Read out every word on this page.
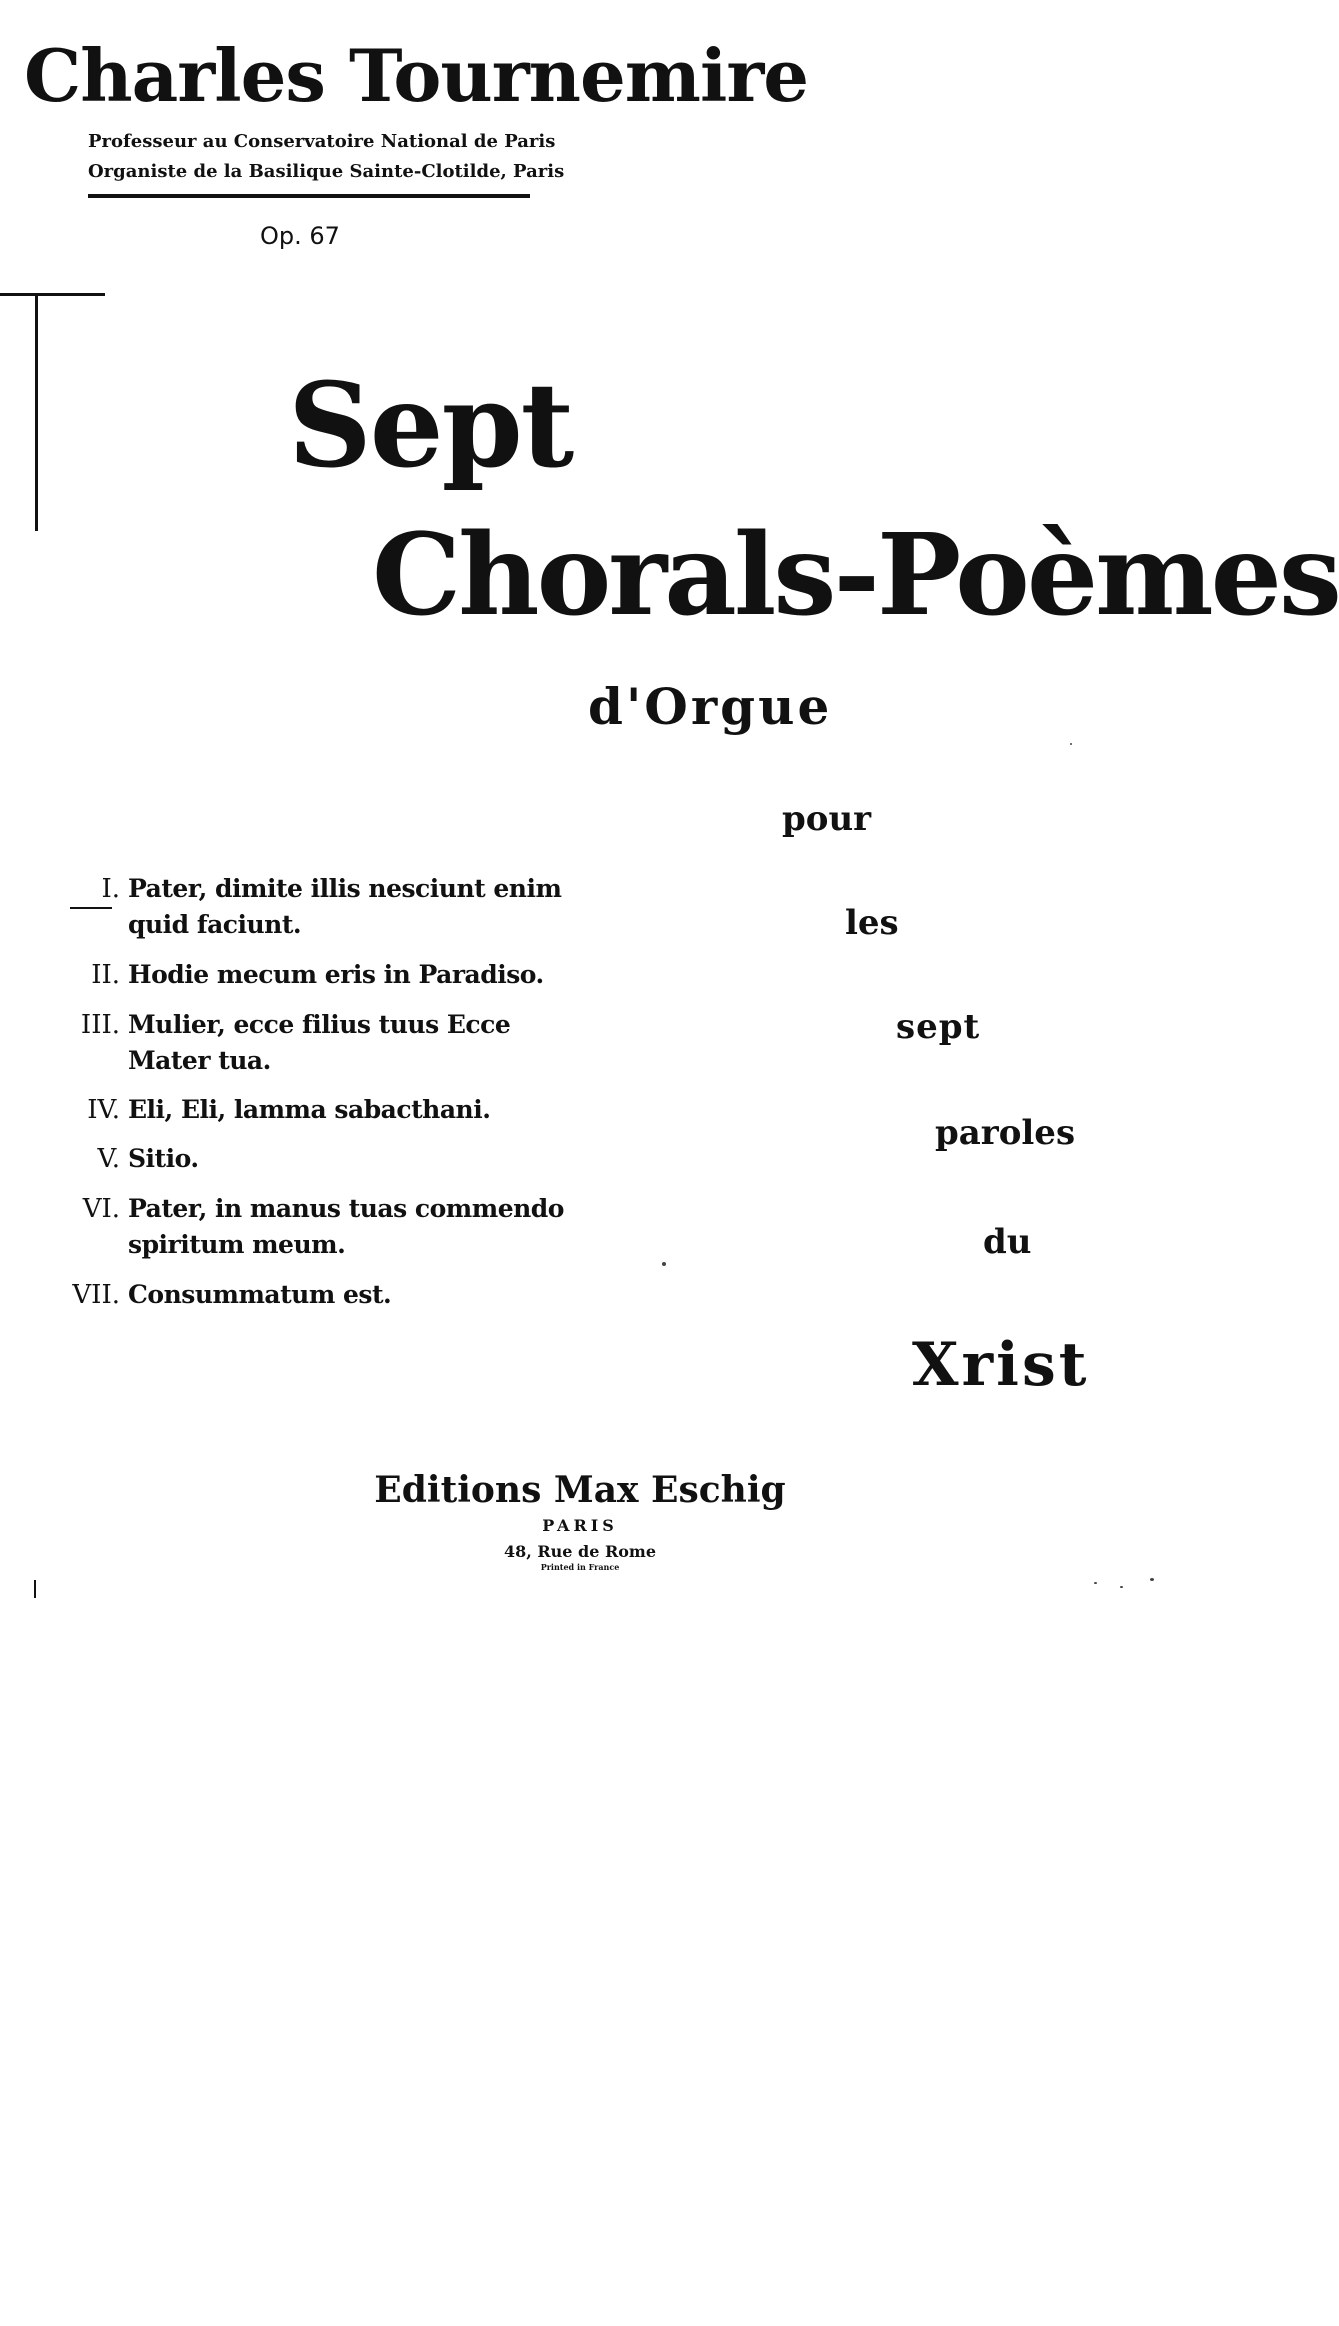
Charles Tournemire
Professeur au Conservatoire National de Paris
Organiste de la Basilique Sainte-Clotilde, Paris
Op. 67
Sept
Chorals-Poèmes
d'Orgue
pour
les
sept
paroles
du
Xrist
I. Pater, dimite illis nesciunt enim
quid faciunt.
II. Hodie mecum eris in Paradiso.
III. Mulier, ecce filius tuus Ecce
Mater tua.
IV. Eli, Eli, lamma sabacthani.
V. Sitio.
VI. Pater, in manus tuas commendo
spiritum meum.
VII. Consummatum est.
Editions Max Eschig
PARIS
48, Rue de Rome
Printed in France
